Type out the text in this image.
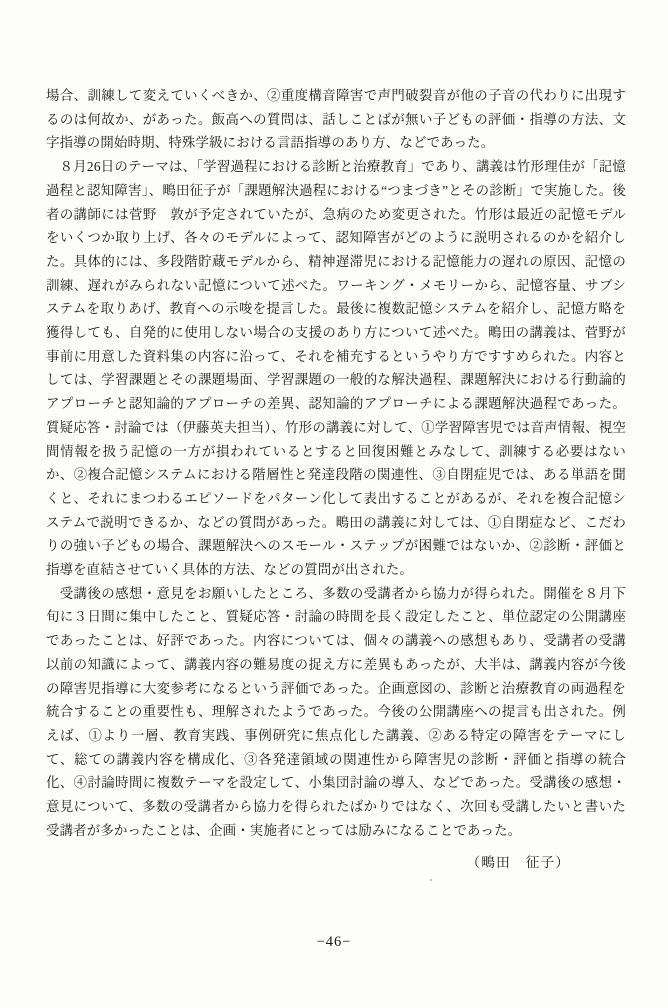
場合、訓練して変えていくべきか、②重度構音障害で声門破裂音が他の子音の代わりに出現するのは何故か、があった。飯高への質問は、話しことばが無い子どもの評価・指導の方法、文字指導の開始時期、特殊学級における言語指導のあり方、などであった。

　８月26日のテーマは、「学習過程における診断と治療教育」であり、講義は竹形理佳が「記憶過程と認知障害」、鴫田征子が「課題解決過程における“つまづき”とその診断」で実施した。後者の講師には菅野　敦が予定されていたが、急病のため変更された。竹形は最近の記憶モデルをいくつか取り上げ、各々のモデルによって、認知障害がどのように説明されるのかを紹介した。具体的には、多段階貯蔵モデルから、精神遅滞児における記憶能力の遅れの原因、記憶の訓練、遅れがみられない記憶について述べた。ワーキング・メモリーから、記憶容量、サブシステムを取りあげ、教育への示唆を提言した。最後に複数記憶システムを紹介し、記憶方略を獲得しても、自発的に使用しない場合の支援のあり方について述べた。鴫田の講義は、菅野が事前に用意した資料集の内容に沿って、それを補充するというやり方ですすめられた。内容としては、学習課題とその課題場面、学習課題の一般的な解決過程、課題解決における行動論的アプローチと認知論的アプローチの差異、認知論的アプローチによる課題解決過程であった。質疑応答・討論では（伊藤英夫担当）、竹形の講義に対して、①学習障害児では音声情報、視空間情報を扱う記憶の一方が損われているとすると回復困難とみなして、訓練する必要はないか、②複合記憶システムにおける階層性と発達段階の関連性、③自閉症児では、ある単語を聞くと、それにまつわるエピソードをパターン化して表出することがあるが、それを複合記憶システムで説明できるか、などの質問があった。鴫田の講義に対しては、①自閉症など、こだわりの強い子どもの場合、課題解決へのスモール・ステップが困難ではないか、②診断・評価と指導を直結させていく具体的方法、などの質問が出された。

　受講後の感想・意見をお願いしたところ、多数の受講者から協力が得られた。開催を８月下旬に３日間に集中したこと、質疑応答・討論の時間を長く設定したこと、単位認定の公開講座であったことは、好評であった。内容については、個々の講義への感想もあり、受講者の受講以前の知識によって、講義内容の難易度の捉え方に差異もあったが、大半は、講義内容が今後の障害児指導に大変参考になるという評価であった。企画意図の、診断と治療教育の両過程を統合することの重要性も、理解されたようであった。今後の公開講座への提言も出された。例えば、①より一層、教育実践、事例研究に焦点化した講義、②ある特定の障害をテーマにして、総ての講義内容を構成化、③各発達領域の関連性から障害児の診断・評価と指導の統合化、④討論時間に複数テーマを設定して、小集団討論の導入、などであった。受講後の感想・意見について、多数の受講者から協力を得られたばかりではなく、次回も受講したいと書いた受講者が多かったことは、企画・実施者にとっては励みになることであった。

（鴫田　征子）

−46−
